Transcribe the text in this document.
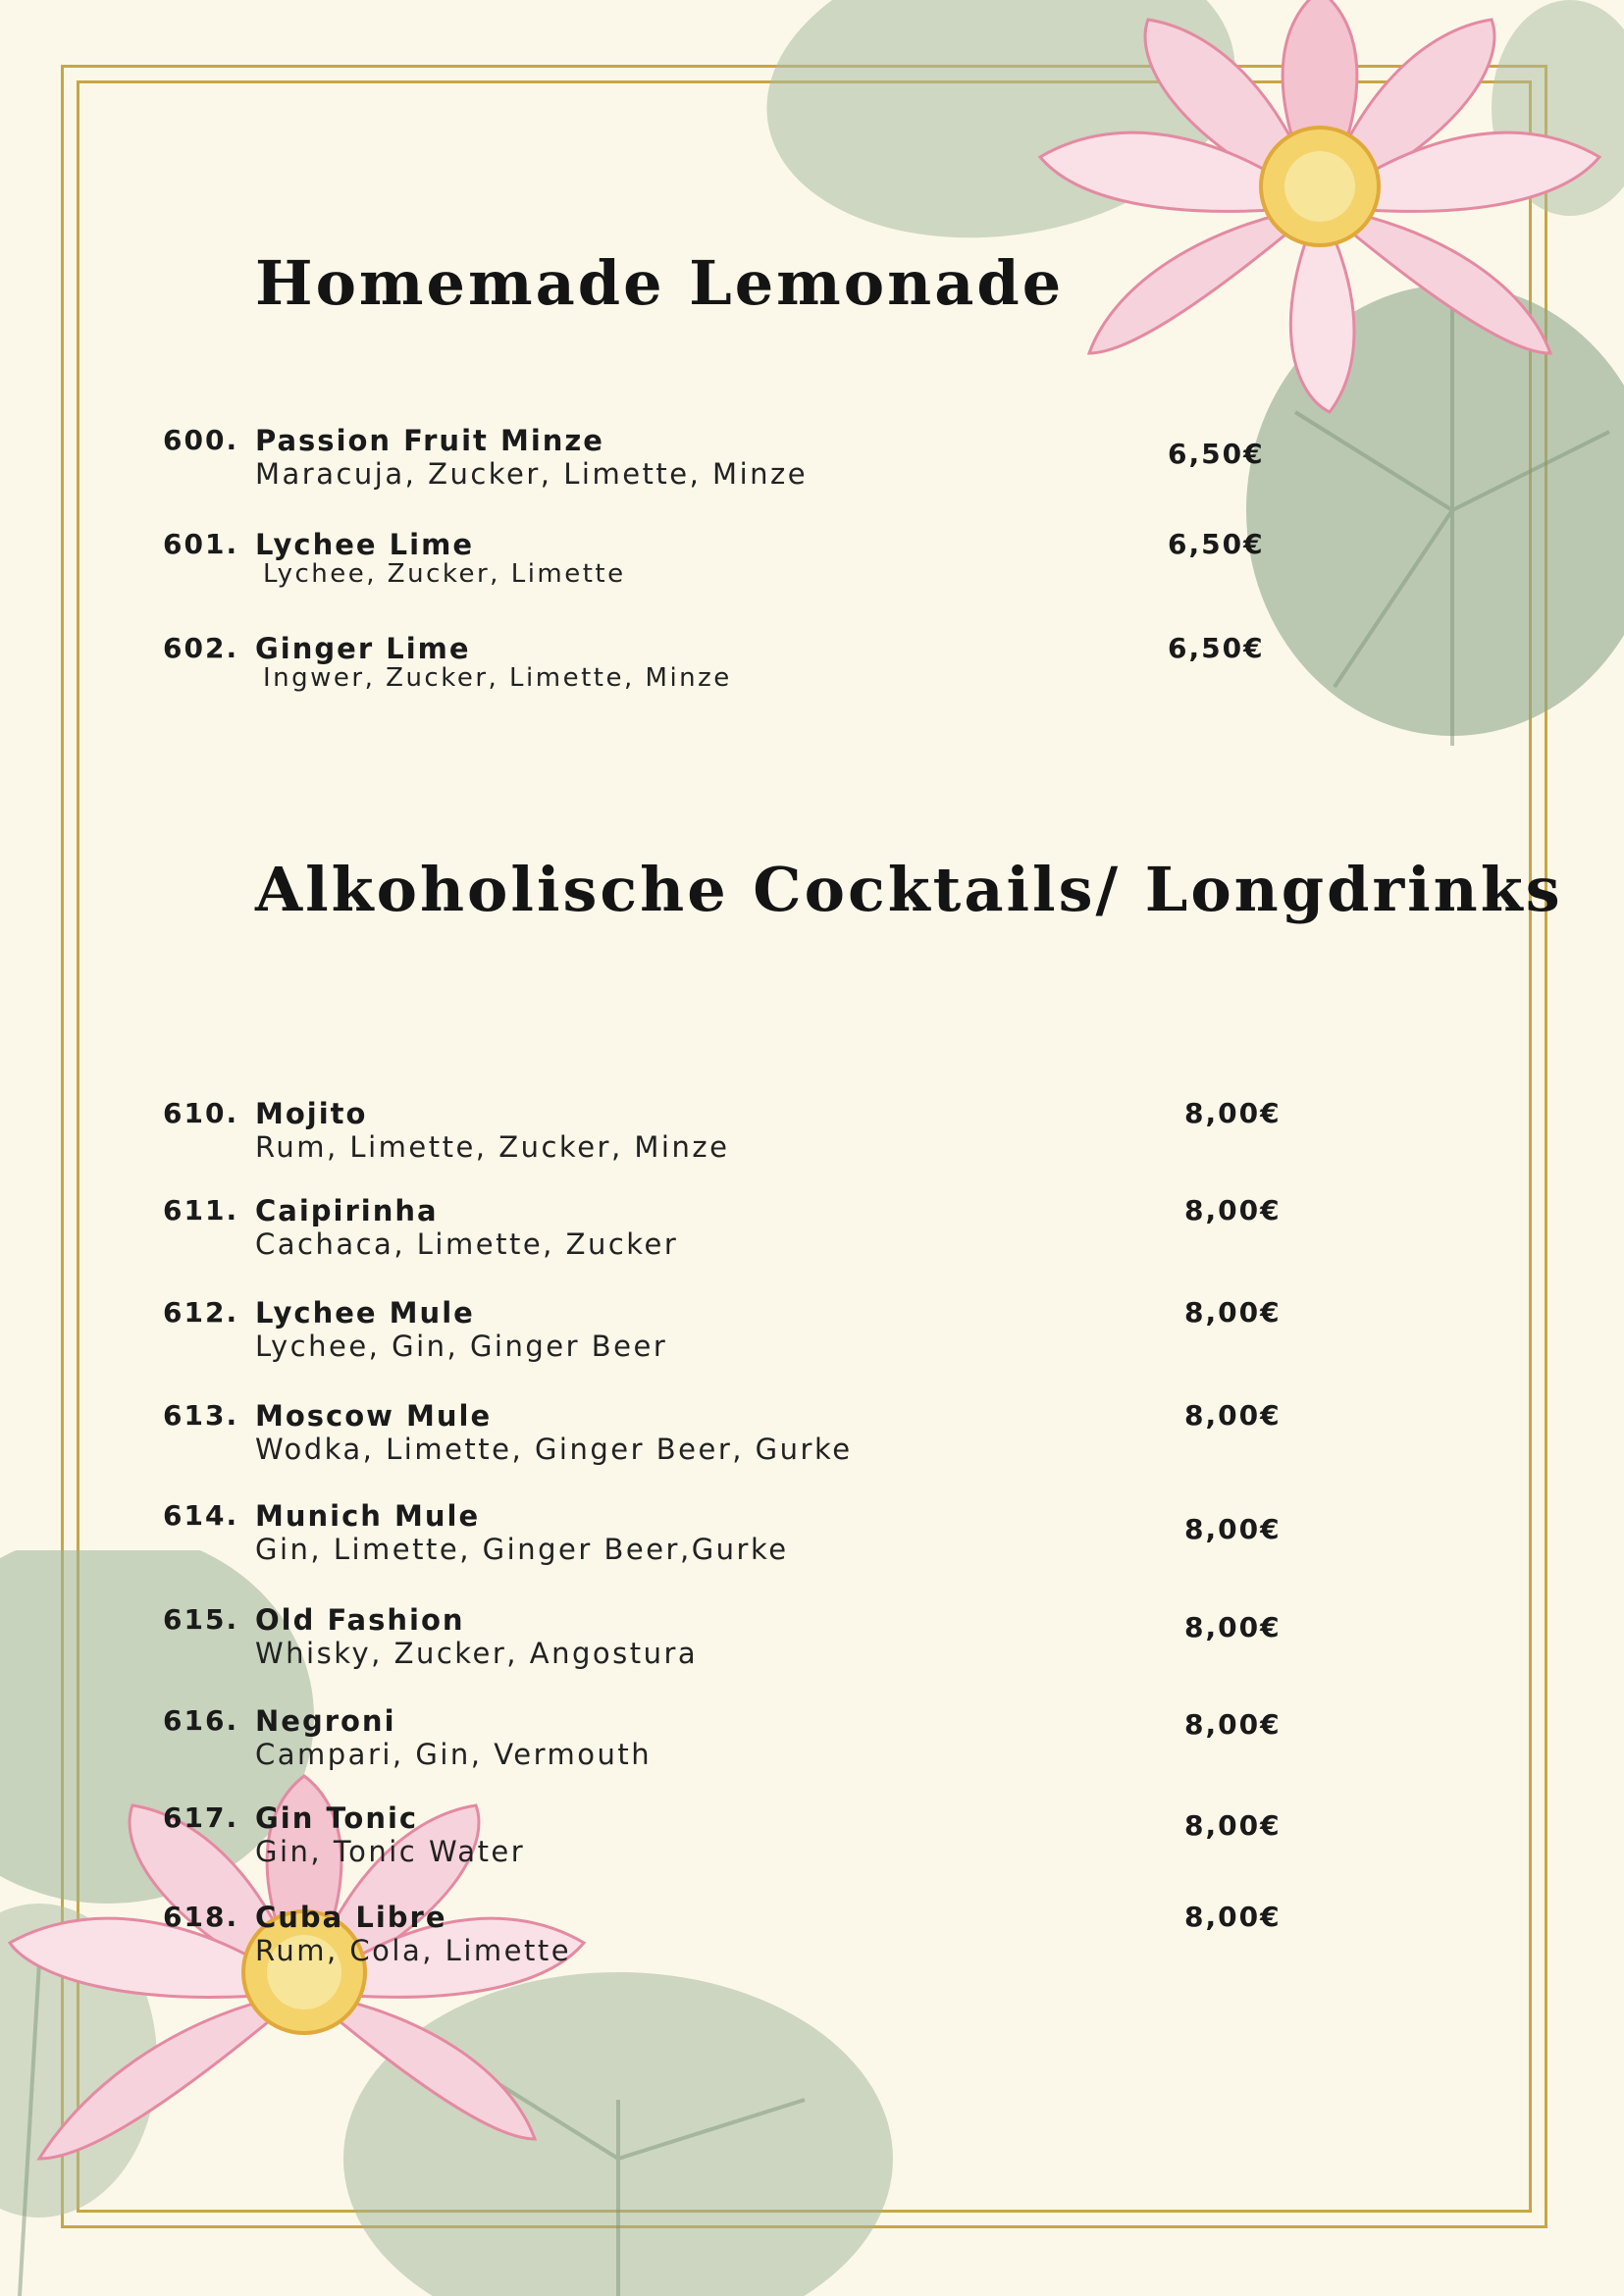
Homemade Lemonade
600. Passion Fruit Minze
Maracuja, Zucker, Limette, Minze
6,50€
601. Lychee Lime
Lychee, Zucker, Limette
6,50€
602. Ginger Lime
Ingwer, Zucker, Limette, Minze
6,50€
Alkoholische Cocktails/ Longdrinks
610. Mojito
Rum, Limette, Zucker, Minze
8,00€
611. Caipirinha
Cachaca, Limette, Zucker
8,00€
612. Lychee Mule
Lychee, Gin, Ginger Beer
8,00€
613. Moscow Mule
Wodka, Limette, Ginger Beer, Gurke
8,00€
614. Munich Mule
Gin, Limette, Ginger Beer,Gurke
8,00€
615. Old Fashion
Whisky, Zucker, Angostura
8,00€
616. Negroni
Campari, Gin, Vermouth
8,00€
617. Gin Tonic
Gin, Tonic Water
8,00€
618. Cuba Libre
Rum, Cola, Limette
8,00€
